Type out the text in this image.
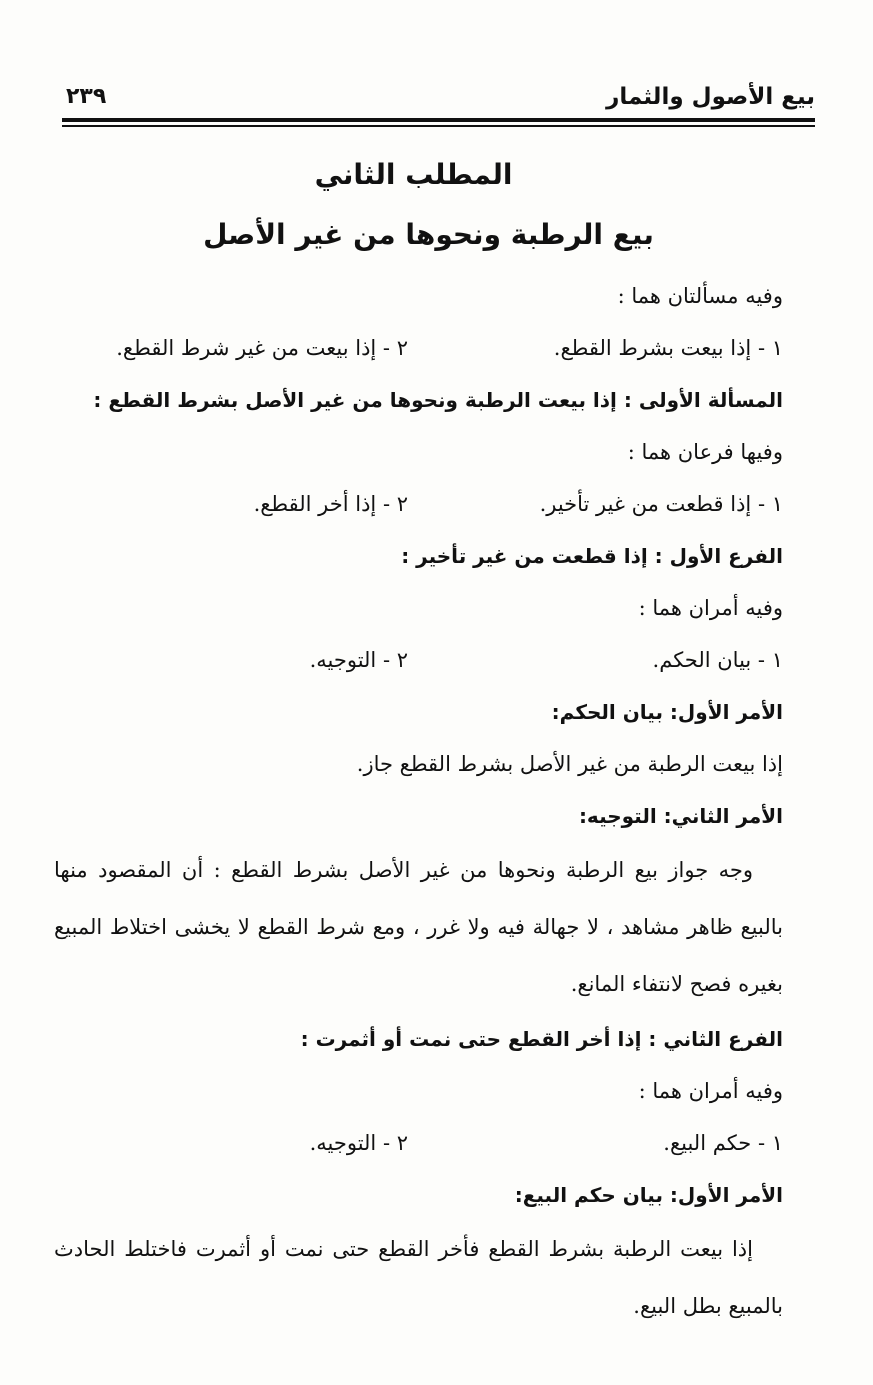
بيع الأصول والثمار
٢٣٩
المطلب الثاني
بيع الرطبة ونحوها من غير الأصل
وفيه مسألتان هما :
١ - إذا بيعت بشرط القطع.
٢ - إذا بيعت من غير شرط القطع.
المسألة الأولى : إذا بيعت الرطبة ونحوها من غير الأصل بشرط القطع :
وفيها فرعان هما :
١ - إذا قطعت من غير تأخير.
٢ - إذا أخر القطع.
الفرع الأول : إذا قطعت من غير تأخير :
وفيه أمران هما :
١ - بيان الحكم.
٢ - التوجيه.
الأمر الأول: بيان الحكم:
إذا بيعت الرطبة من غير الأصل بشرط القطع جاز.
الأمر الثاني: التوجيه:

وجه جواز بيع الرطبة ونحوها من غير الأصل بشرط القطع : أن المقصود منها بالبيع ظاهر مشاهد ، لا جهالة فيه ولا غرر ، ومع شرط القطع لا يخشى اختلاط المبيع بغيره فصح لانتفاء المانع.

الفرع الثاني : إذا أخر القطع حتى نمت أو أثمرت :
وفيه أمران هما :
١ - حكم البيع.
٢ - التوجيه.
الأمر الأول: بيان حكم البيع:

إذا بيعت الرطبة بشرط القطع فأخر القطع حتى نمت أو أثمرت فاختلط الحادث بالمبيع بطل البيع.
